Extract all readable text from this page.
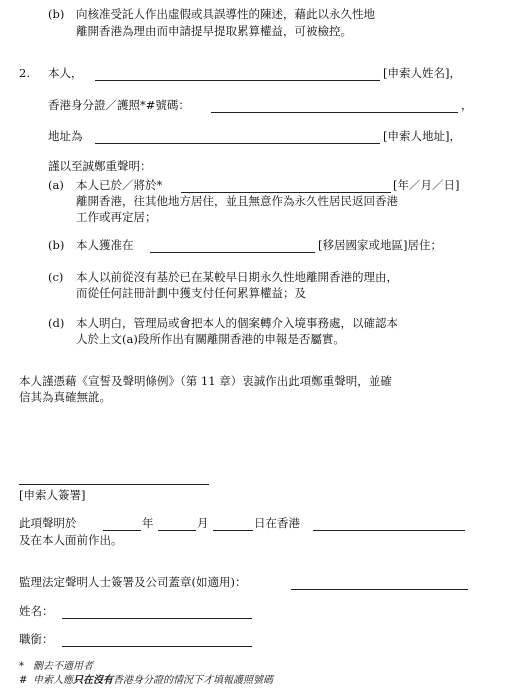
(b) 向核准受託人作出虛假或具誤導性的陳述，藉此以永久性地
離開香港為理由而申請提早提取累算權益，可被檢控。
2. 本人，	[申索人姓名]，
香港身分證／護照*#號碼：	，
地址為	[申索人地址]，
謹以至誠鄭重聲明：
(a) 本人已於／將於*	[年／月／日]
離開香港，往其他地方居住，並且無意作為永久性居民返回香港
工作或再定居；
(b) 本人獲准在	[移居國家或地區]居住；
(c) 本人以前從沒有基於已在某較早日期永久性地離開香港的理由，
而從任何註冊計劃中獲支付任何累算權益；及
(d) 本人明白，管理局或會把本人的個案轉介入境事務處，以確認本
人於上文(a)段所作出有關離開香港的申報是否屬實。
本人謹憑藉《宣誓及聲明條例》（第 11 章）衷誠作出此項鄭重聲明，並確
信其為真確無訛。
[申索人簽署]
此項聲明於	年	月	日在香港
及在本人面前作出。
監理法定聲明人士簽署及公司蓋章(如適用)：
姓名：
職銜：
* 刪去不適用者
# 申索人應只在沒有香港身分證的情況下才填報護照號碼
